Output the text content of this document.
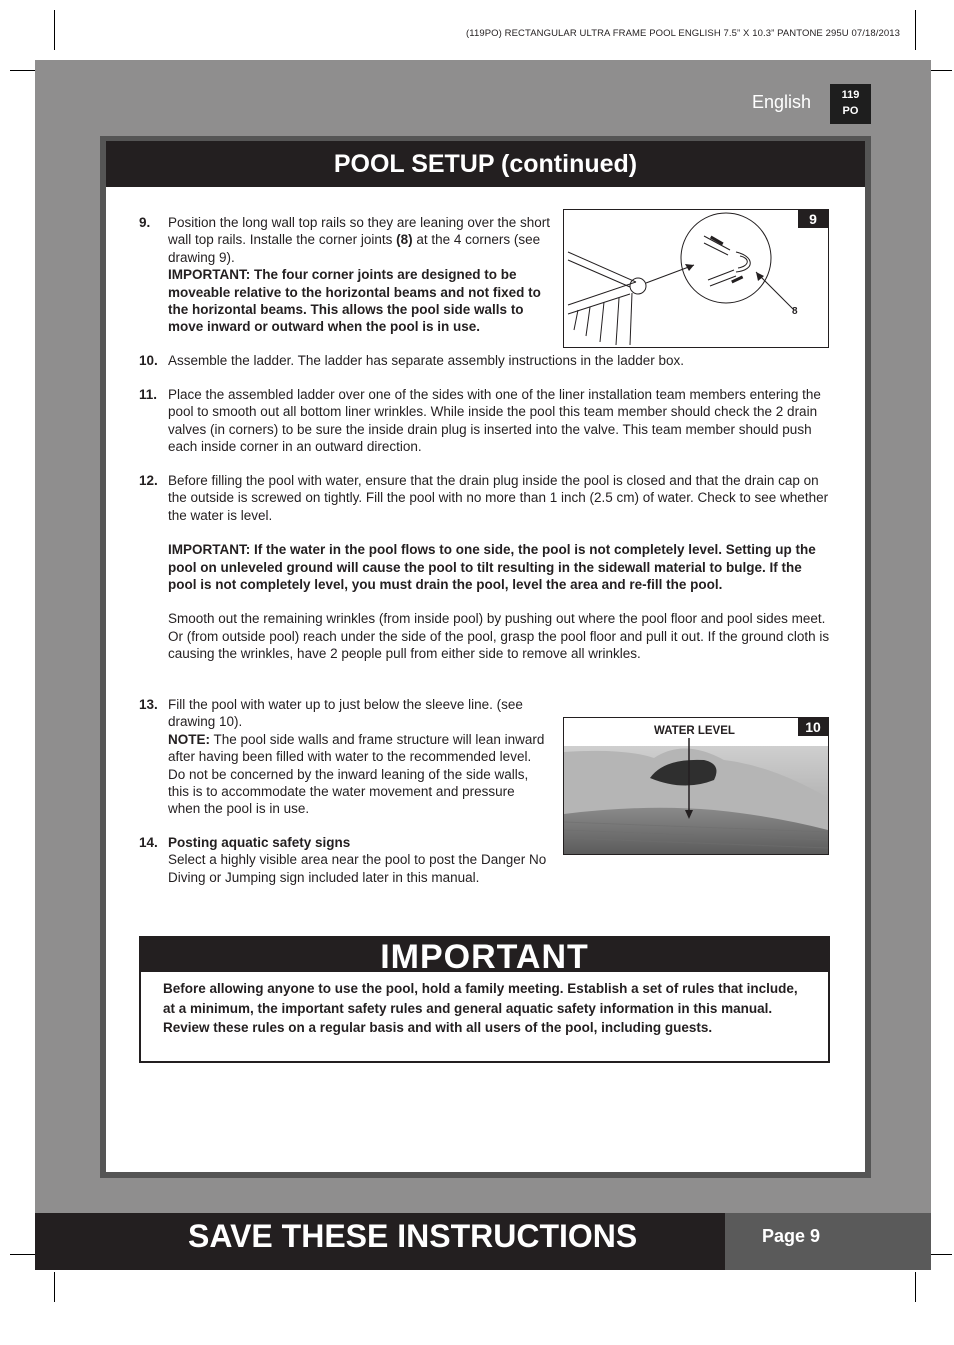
(119PO) RECTANGULAR ULTRA FRAME POOL ENGLISH 7.5” X 10.3” PANTONE 295U 07/18/2013
English	119
PO
POOL SETUP (continued)
9. Position the long wall top rails so they are leaning over the short wall top rails. Installe the corner joints (8) at the 4 corners (see drawing 9).

IMPORTANT: The four corner joints are designed to be moveable relative to the horizontal beams and not fixed to the horizontal beams. This allows the pool side walls to move inward or outward when the pool is in use.

9
8
10. Assemble the ladder. The ladder has separate assembly instructions in the ladder box.

11. Place the assembled ladder over one of the sides with one of the liner installation team members entering the pool to smooth out all bottom liner wrinkles. While inside the pool this team member should check the 2 drain valves (in corners) to be sure the inside drain plug is inserted into the valve. This team member should push each inside corner in an outward direction.

12. Before filling the pool with water, ensure that the drain plug inside the pool is closed and that the drain cap on the outside is screwed on tightly. Fill the pool with no more than 1 inch (2.5 cm) of water. Check to see whether the water is level.

IMPORTANT: If the water in the pool flows to one side, the pool is not completely level. Setting up the pool on unleveled ground will cause the pool to tilt resulting in the sidewall material to bulge. If the pool is not completely level, you must drain the pool, level the area and re-fill the pool.

Smooth out the remaining wrinkles (from inside pool) by pushing out where the pool floor and pool sides meet. Or (from outside pool) reach under the side of the pool, grasp the pool floor and pull it out. If the ground cloth is causing the wrinkles, have 2 people pull from either side to remove all wrinkles.

13. Fill the pool with water up to just below the sleeve line. (see drawing 10).

NOTE: The pool side walls and frame structure will lean inward after having been filled with water to the recommended level. Do not be concerned by the inward leaning of the side walls, this is to accommodate the water movement and pressure when the pool is in use.

10
WATER LEVEL
14. Posting aquatic safety signs

Select a highly visible area near the pool to post the Danger No Diving or Jumping sign included later in this manual.

IMPORTANT
Before allowing anyone to use the pool, hold a family meeting. Establish a set of rules that include, at a minimum, the important safety rules and general aquatic safety information in this manual. Review these rules on a regular basis and with all users of the pool, including guests.
SAVE THESE INSTRUCTIONS	Page 9
